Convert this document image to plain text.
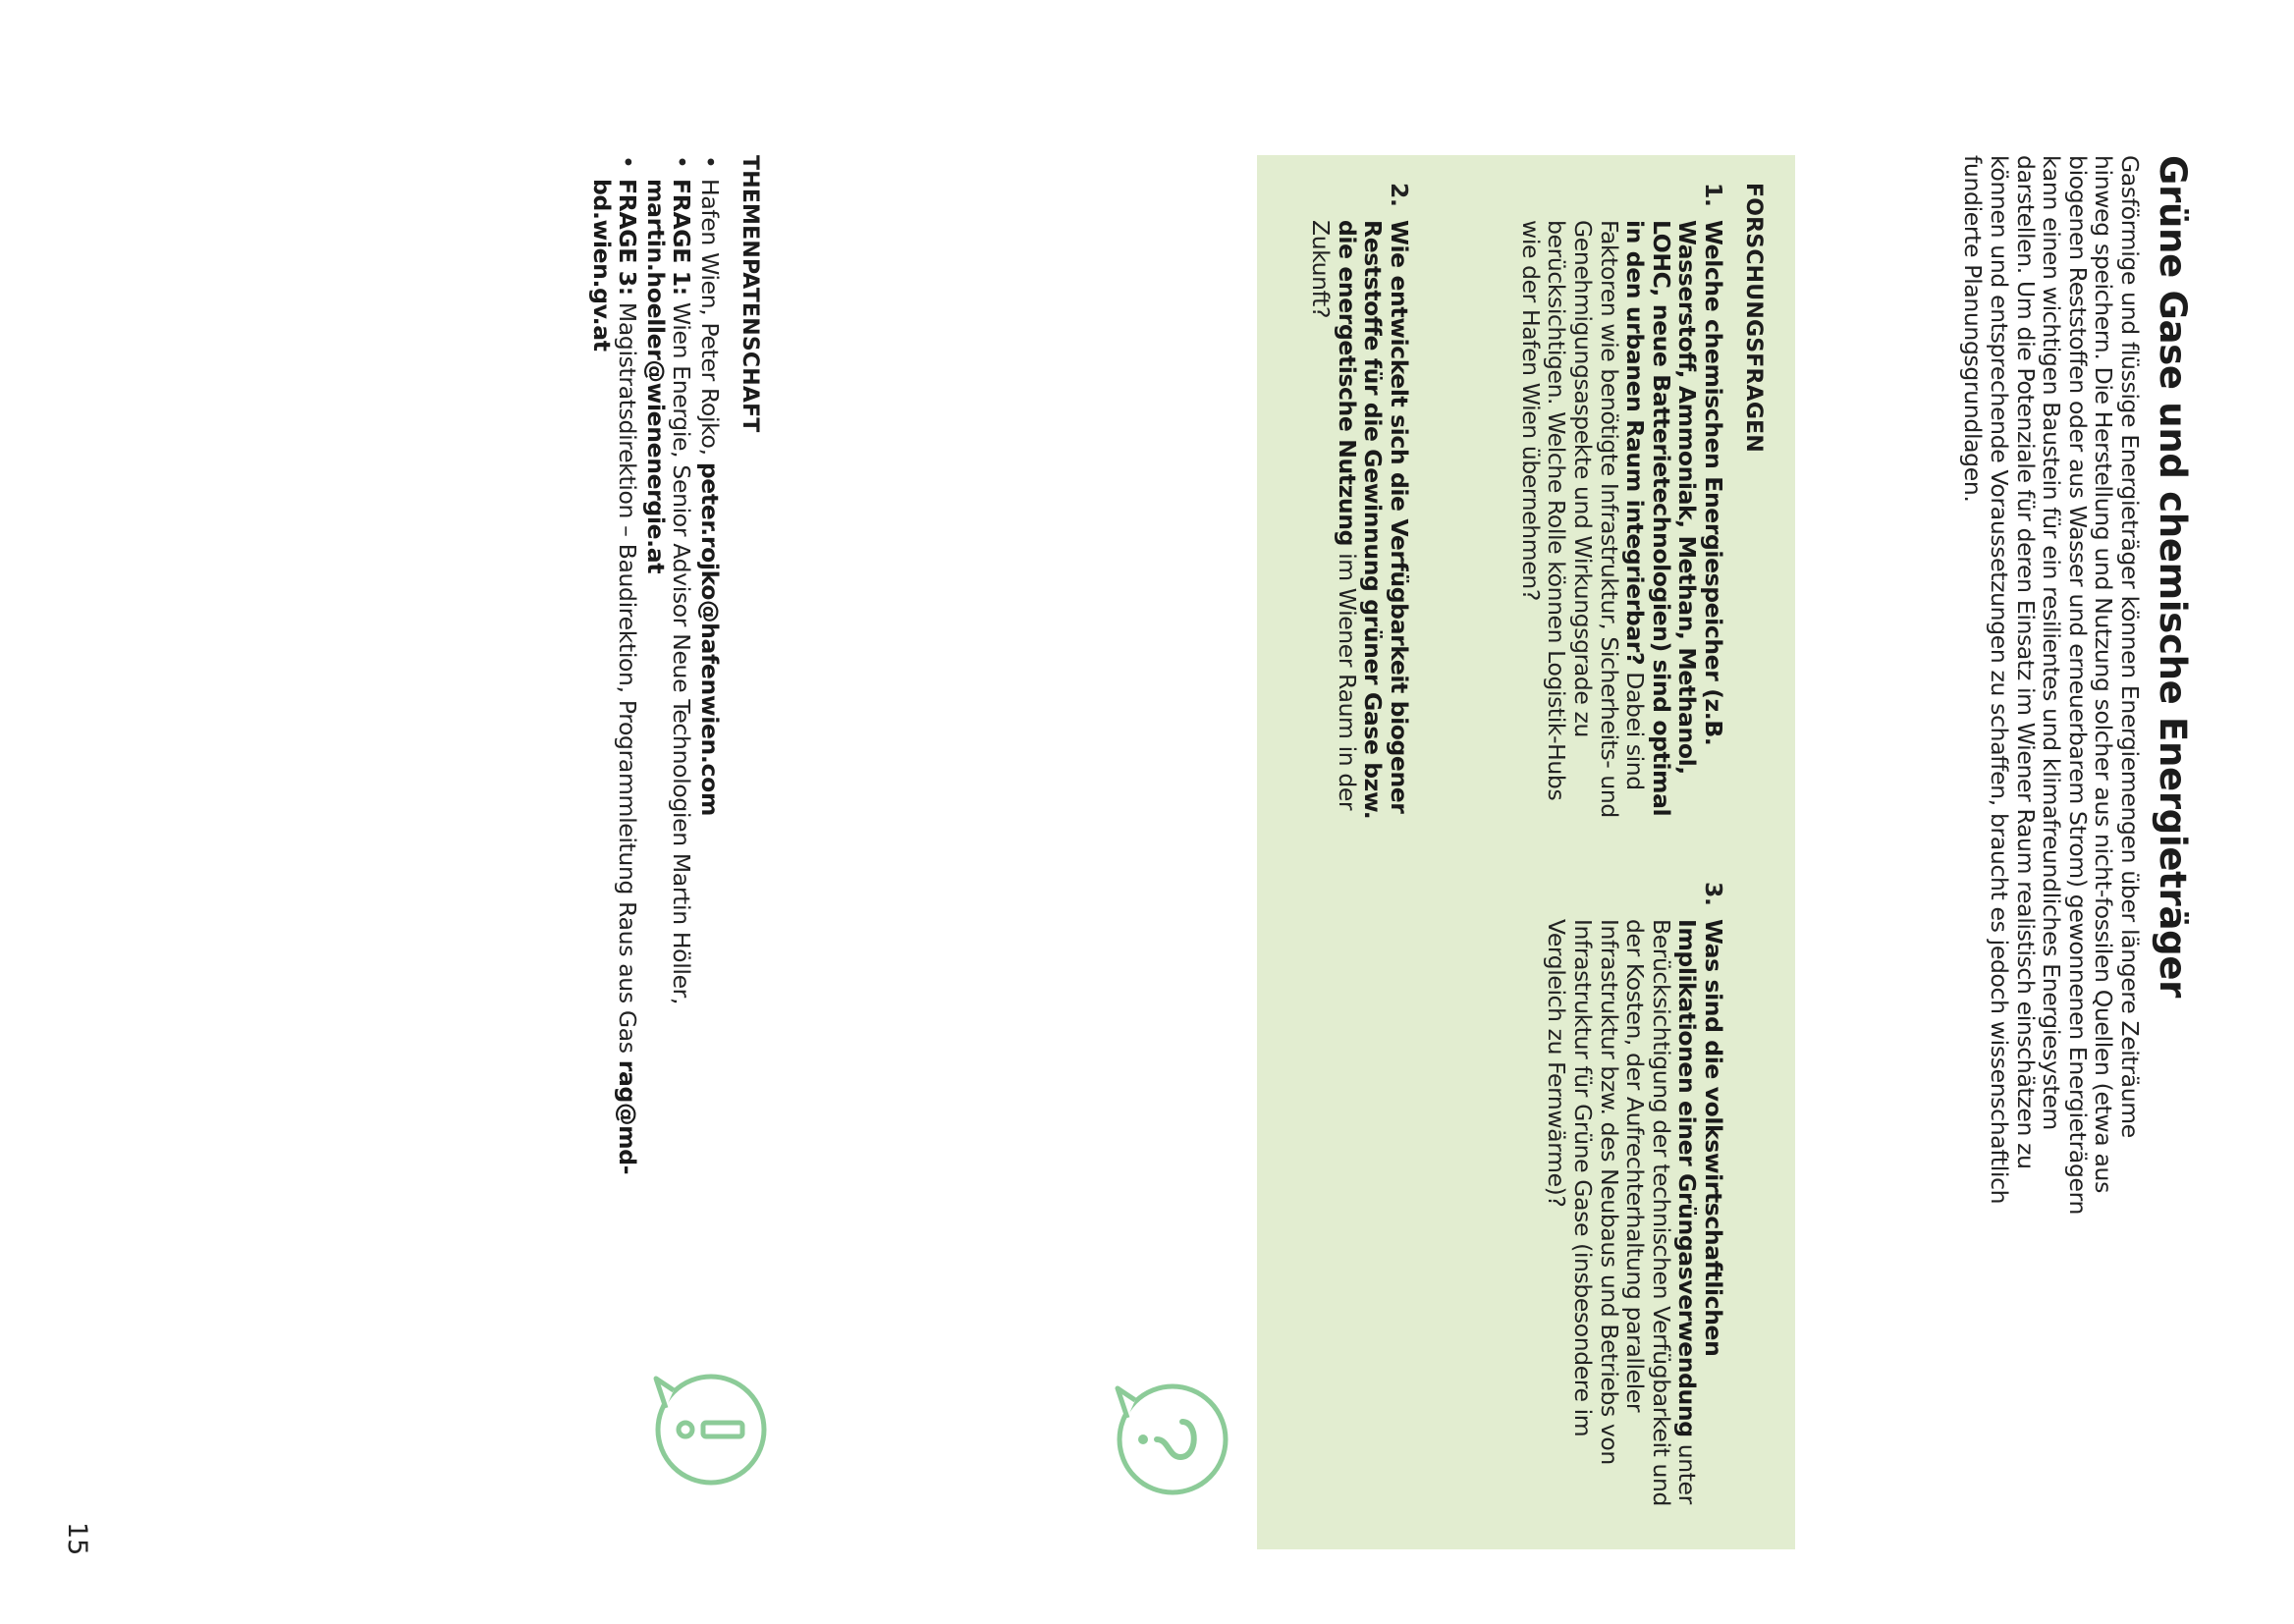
Grüne Gase und chemische Energieträger

Gasförmige und flüssige Energieträger können Energiemengen über längere Zeiträume hinweg speichern. Die Herstellung und Nutzung solcher aus nicht-fossilen Quellen (etwa aus biogenen Reststoffen oder aus Wasser und erneuerbarem Strom) gewonnenen Energieträgern kann einen wichtigen Baustein für ein resilientes und klimafreundliches Energiesystem darstellen. Um die Potenziale für deren Einsatz im Wiener Raum realistisch einschätzen zu können und entsprechende Voraussetzungen zu schaffen, braucht es jedoch wissenschaftlich fundierte Planungsgrundlagen.

FORSCHUNGSFRAGEN
1.
Welche chemischen Energiespeicher (z.B. Wasserstoff, Ammoniak, Methan, Methanol, LOHC, neue Batterietechnologien) sind optimal in den urbanen Raum integrierbar? Dabei sind Faktoren wie benötigte Infrastruktur, Sicherheits- und Genehmigungsaspekte und Wirkungsgrade zu berücksichtigen. Welche Rolle können Logistik-Hubs wie der Hafen Wien übernehmen?
2.
Wie entwickelt sich die Verfügbarkeit biogener Reststoffe für die Gewinnung grüner Gase bzw. die energetische Nutzung im Wiener Raum in der Zukunft?
3.
Was sind die volkswirtschaftlichen Implikationen einer Grüngasverwendung unter Berücksichtigung der technischen Verfügbarkeit und der Kosten, der Aufrechterhaltung paralleler Infrastruktur bzw. des Neubaus und Betriebs von Infrastruktur für Grüne Gase (insbesondere im Vergleich zu Fernwärme)?
THEMENPATENSCHAFT
• Hafen Wien, Peter Rojko, peter.rojko@hafenwien.com
• FRAGE 1: Wien Energie, Senior Advisor Neue Technologien Martin Höller, martin.hoeller@wienenergie.at
• FRAGE 3: Magistratsdirektion – Baudirektion, Programmleitung Raus aus Gas rag@md-bd.wien.gv.at

15
